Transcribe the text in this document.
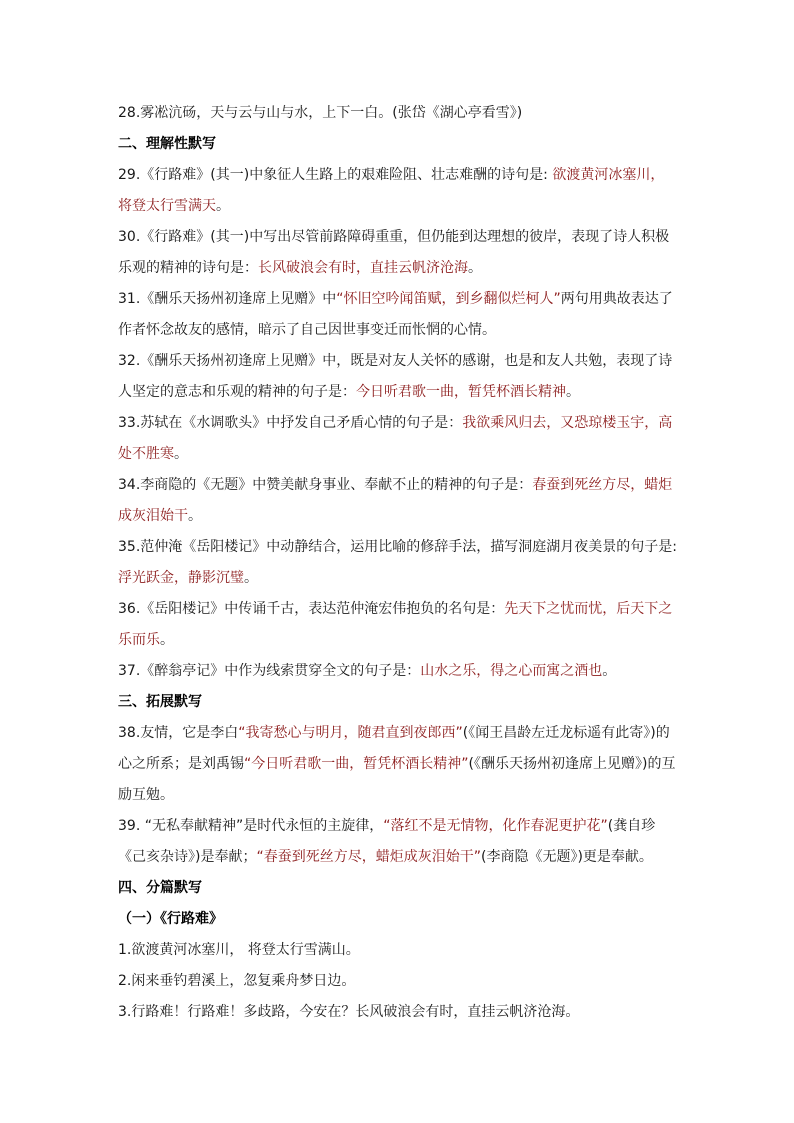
28.雾凇沆砀，天与云与山与水，上下一白。(张岱《湖心亭看雪》)

二、理解性默写

29.《行路难》(其一)中象征人生路上的艰难险阻、壮志难酬的诗句是: 欲渡黄河冰塞川，将登太行雪满天。

30.《行路难》(其一)中写出尽管前路障碍重重，但仍能到达理想的彼岸，表现了诗人积极乐观的精神的诗句是：长风破浪会有时，直挂云帆济沧海。

31.《酬乐天扬州初逢席上见赠》中“怀旧空吟闻笛赋，到乡翻似烂柯人”两句用典故表达了作者怀念故友的感情，暗示了自己因世事变迁而怅惘的心情。

32.《酬乐天扬州初逢席上见赠》中，既是对友人关怀的感谢，也是和友人共勉，表现了诗人坚定的意志和乐观的精神的句子是：今日听君歌一曲，暂凭杯酒长精神。

33.苏轼在《水调歌头》中抒发自己矛盾心情的句子是：我欲乘风归去，又恐琼楼玉宇，高处不胜寒。

34.李商隐的《无题》中赞美献身事业、奉献不止的精神的句子是：春蚕到死丝方尽，蜡炬成灰泪始干。

35.范仲淹《岳阳楼记》中动静结合，运用比喻的修辞手法，描写洞庭湖月夜美景的句子是:浮光跃金，静影沉璧。

36.《岳阳楼记》中传诵千古，表达范仲淹宏伟抱负的名句是：先天下之忧而忧，后天下之乐而乐。

37.《醉翁亭记》中作为线索贯穿全文的句子是：山水之乐，得之心而寓之酒也。

三、拓展默写

38.友情，它是李白“我寄愁心与明月，随君直到夜郎西”(《闻王昌龄左迁龙标遥有此寄》)的心之所系；是刘禹锡“今日听君歌一曲，暂凭杯酒长精神”(《酬乐天扬州初逢席上见赠》)的互励互勉。

39. “无私奉献精神”是时代永恒的主旋律，“落红不是无情物，化作春泥更护花”(龚自珍《己亥杂诗》)是奉献；“春蚕到死丝方尽，蜡炬成灰泪始干”(李商隐《无题》)更是奉献。

四、分篇默写

（一）《行路难》

1.欲渡黄河冰塞川， 将登太行雪满山。

2.闲来垂钓碧溪上，忽复乘舟梦日边。

3.行路难！行路难！多歧路，今安在？长风破浪会有时，直挂云帆济沧海。
